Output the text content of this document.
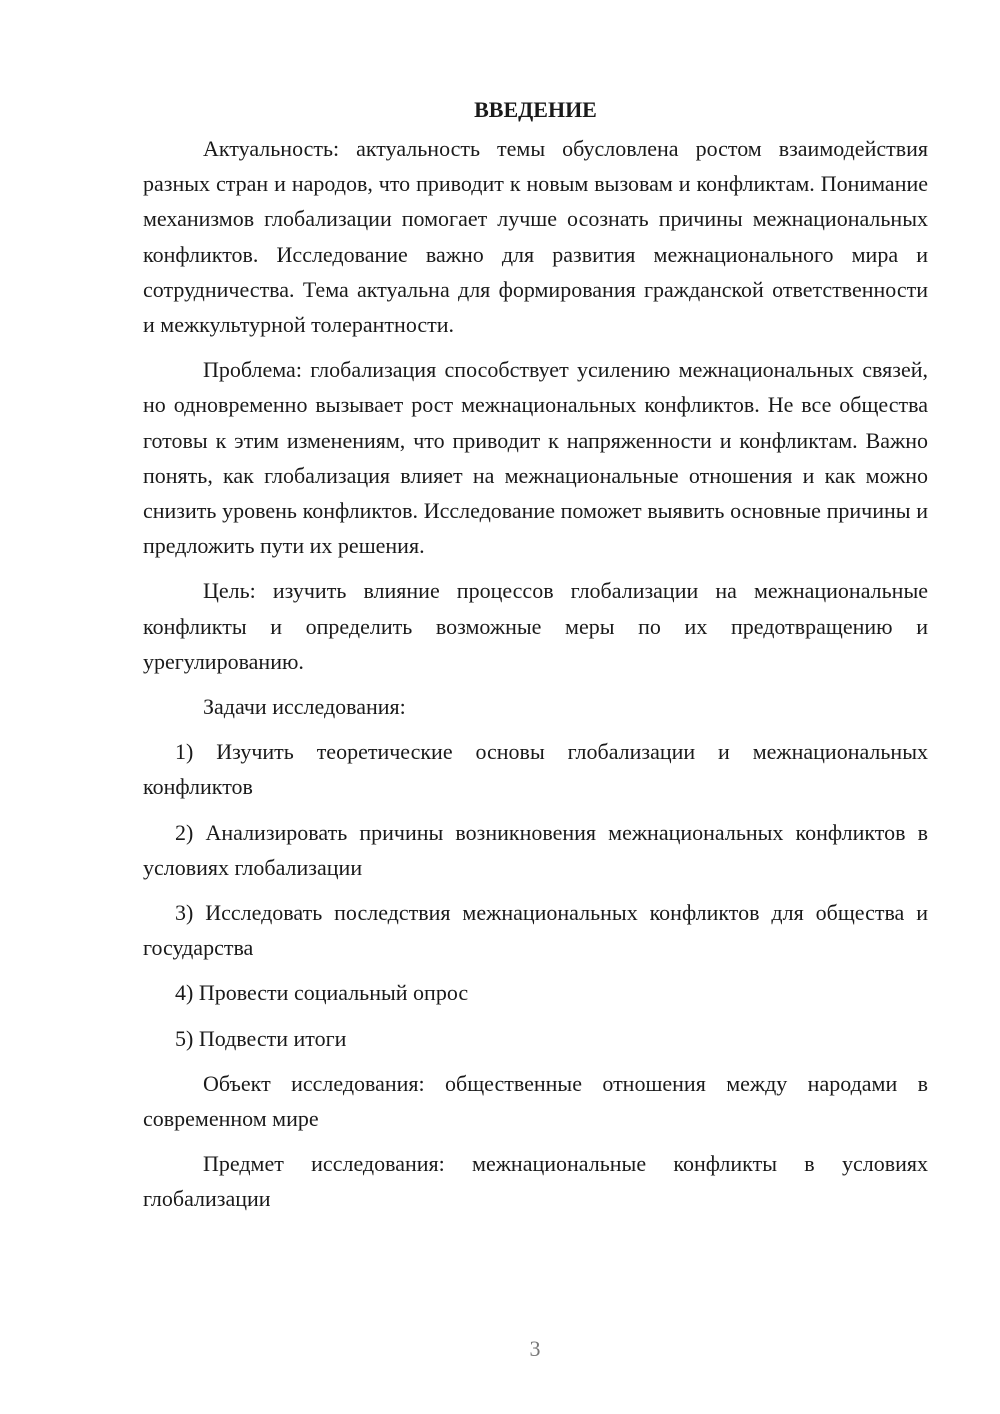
ВВЕДЕНИЕ

Актуальность: актуальность темы обусловлена ростом взаимодействия разных стран и народов, что приводит к новым вызовам и конфликтам. Понимание механизмов глобализации помогает лучше осознать причины межнациональных конфликтов. Исследование важно для развития межнационального мира и сотрудничества. Тема актуальна для формирования гражданской ответственности и межкультурной толерантности.

Проблема: глобализация способствует усилению межнациональных связей, но одновременно вызывает рост межнациональных конфликтов. Не все общества готовы к этим изменениям, что приводит к напряженности и конфликтам. Важно понять, как глобализация влияет на межнациональные отношения и как можно снизить уровень конфликтов. Исследование поможет выявить основные причины и предложить пути их решения.

Цель: изучить влияние процессов глобализации на межнациональные конфликты и определить возможные меры по их предотвращению и урегулированию.

Задачи исследования:

1) Изучить теоретические основы глобализации и межнациональных конфликтов

2) Анализировать причины возникновения межнациональных конфликтов в условиях глобализации

3) Исследовать последствия межнациональных конфликтов для общества и государства

4) Провести социальный опрос

5) Подвести итоги

Объект исследования: общественные отношения между народами в современном мире

Предмет исследования: межнациональные конфликты в условиях глобализации

3
